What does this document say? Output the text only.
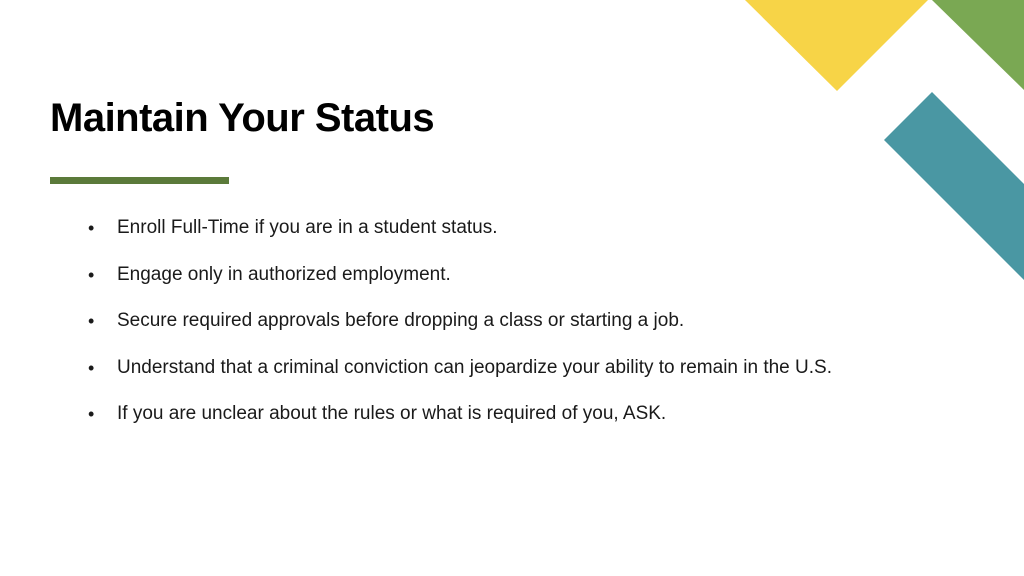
Maintain Your Status
•	Enroll Full-Time if you are in a student status.
•	Engage only in authorized employment.
•	Secure required approvals before dropping a class or starting a job.
•	Understand that a criminal conviction can jeopardize your ability to remain in the U.S.
•	If you are unclear about the rules or what is required of you, ASK.
